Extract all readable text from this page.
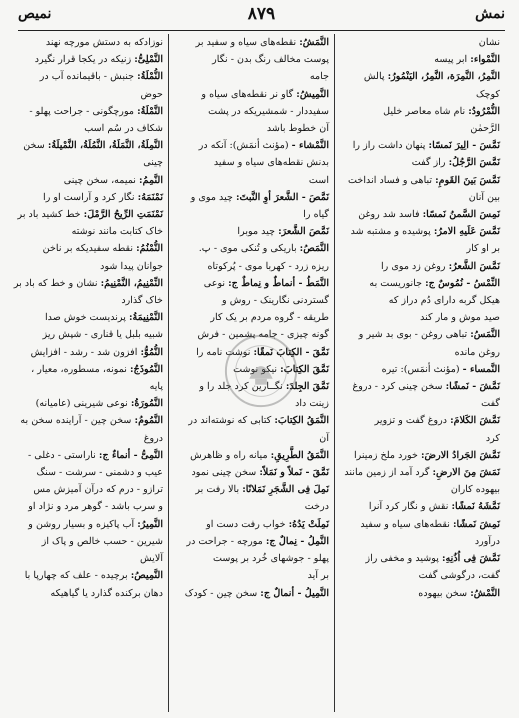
نمش
۸۷۹
نمیص
نشان
النَّمْواء: ابر پیسه
النَّمِرُ، النَّمِرَة، النَّمِرُ، اليَنْمُورُ: پالش
کوچک
النُّمْرُودُ: نام شاه معاصر خلیل
الرَّحمٰن
نَمَّسَ - الِیرَ نَمسًا: پنهان داشت راز را
نَمَّسَ الرَّجُلُ: راز گفت
نَمَّسَ بَینَ القَومِ: تباهی و فساد انداخت
بین آنان
نَمِسَ السَّمنُ نَمسًا: فاسد شد روغن
نَمَّسَ عَلَیهِ الامرُ: پوشیده و مشتبه شد
بر او کار
نَمَّسَ الشَّعرُ: روغن زد موی را
النِّمْسُ - نُمُوسٌ ج: جانوریست به
هیکل گربه دارای دُم دراز که
صید موش و مار کند
النَّمَسُ: تباهی روغن - بوی بد شیر و
روغن مانده
النَّمساء - (مؤنث أنمَس): تیره
نَمَّشَ - نَمشًا: سخن چینی کرد - دروغ
گفت
نَمَّشَ الکَلامَ: دروغ گفت و تزویر
کرد
نَمَّشَ الجَرادُ الارضَ: خورد ملخ زمینرا
نَمَشَ مِنَ الارضِ: گرد آمد از زمین مانند
بیهوده کاران
نَمَّشَهُ نَمشًا: نقش و نگار کرد آنرا
نَمِشَ نَمشًا: نقطه‌های سیاه و سفید
درآورد
نَمَّشَ فِی اُذُنِهِ: پوشید و مخفی راز
گفت، درگوشی گفت
النَّمْشُ: سخن بیهوده
النَّمَشُ: نقطه‌های سیاه و سفید بر
پوست مخالف رنگ بدن - نگار
جامه
النَّمِيشُ: گاو نر نقطه‌های سیاه و
سفیددار - شمشیریکه در پشت
آن خطوط باشد
النَّمْشاء - (مؤنث أنمَش): آنکه در
بدنش نقطه‌های سیاه و سفید
است
نَمَّصَ - الشَّعرَ أوِ النَّبتَ: چید موی و
گیاه را
نَمَّصَ الشَّعرَ: چید موبرا
النَّمَصُ: باریکی و تُنکی موی - پ.
ریزه زرد - کهربا موی - پُرکوتاه
النَّمَطُ - أنماطٌ و نِماطٌ ج: نوعی
گستردنی نگارینک - روش و
طریقه - گروه مردم بر یک کار
گونه چیزی - جامه پشمین - فرش
نَمَّقَ - الکِتابَ نَمقًا: نوشت نامه را
نَمَّقَ الکِتابَ: نیکو نوشت
نَمَّقَ الجِلدَ: نگــارین کرد جلد را و
زینت داد
النَّمَقُ الکِتابَ: کتابی که نوشته‌اند در
آن
النَّمَقُ الطَّرِیقِ: میانه راه و ظاهرش
نَمَّقَ - نَملاً و نَمَلاً: سخن چینی نمود
نَمِلَ فِی الشَّجَرِ نَمَلانًا: بالا رفت بر
درخت
نَمِلَتْ یَدُهُ: خواب رفت دست او
النَّمِلُ - نِمالٌ ج: مورچه - جراحت در
پهلو - جوشهای خُرد بر پوست
بر آید
النَّمِیلُ - أنمالٌ ج: سخن چین - کودک
نوزادکه به دستش مورچه نهند
النَّمْلِیُّ: زنیکه در یکجا قرار نگیرد
النُّمْلَةُ: جنبش - باقیمانده آب در
حوض
النَّمْلَةُ: مورچگونی - جراحت پهلو -
شکاف در سُم اسب
النَّمِلَةُ، النَّمَلَةُ، النَّمُلَةُ، النَّمْیلَةُ: سخن
چینی
النَّمِمُ: نمیمه، سخن چینی
نَمْنَمَهُ: نگار کرد و آراست او را
نَمْنَمَتِ الرِّیحُ الرَّمْلَ: خط کشید باد بر
خاک کتابت مانند نوشته
النُّمْنُمُ: نقطه سفیدیکه بر ناخن
جوانان پیدا شود
النِّمْنِیمُ، النَّمْنِیمُ: نشان و خط که باد بر
خاک گذارد
النَّمْنِیمَةُ: پرندیست خوش صدا
شبیه بلبل یا قناری - شپش ریز
النُّمُوُّ: افزون شد - رشد - افزایش
النَّمُوذَجُ: نمونه، مسطوره، معیار ،
پایه
النَّمُورَةُ: نوعی شیرینی (عامیانه)
النَّمُومُ: سخن چین - آراینده سخن به
دروغ
النَّمِیُّ - أنماءٌ ج: ناراستی - دغلی -
عیب و دشمنی - سرشت - سنگ
ترازو - درم که درآن آمیزش مس
و سرب باشد - گوهر مرد و نژاد او
النَّمِیرُ: آب پاکیزه و بسیار روشن و
شیرین - حسب خالص و پاک از
آلایش
النَّمِیصُ: برچیده - علف که چهارپا با
دهان برکنده گذارد یا گیاهیکه
